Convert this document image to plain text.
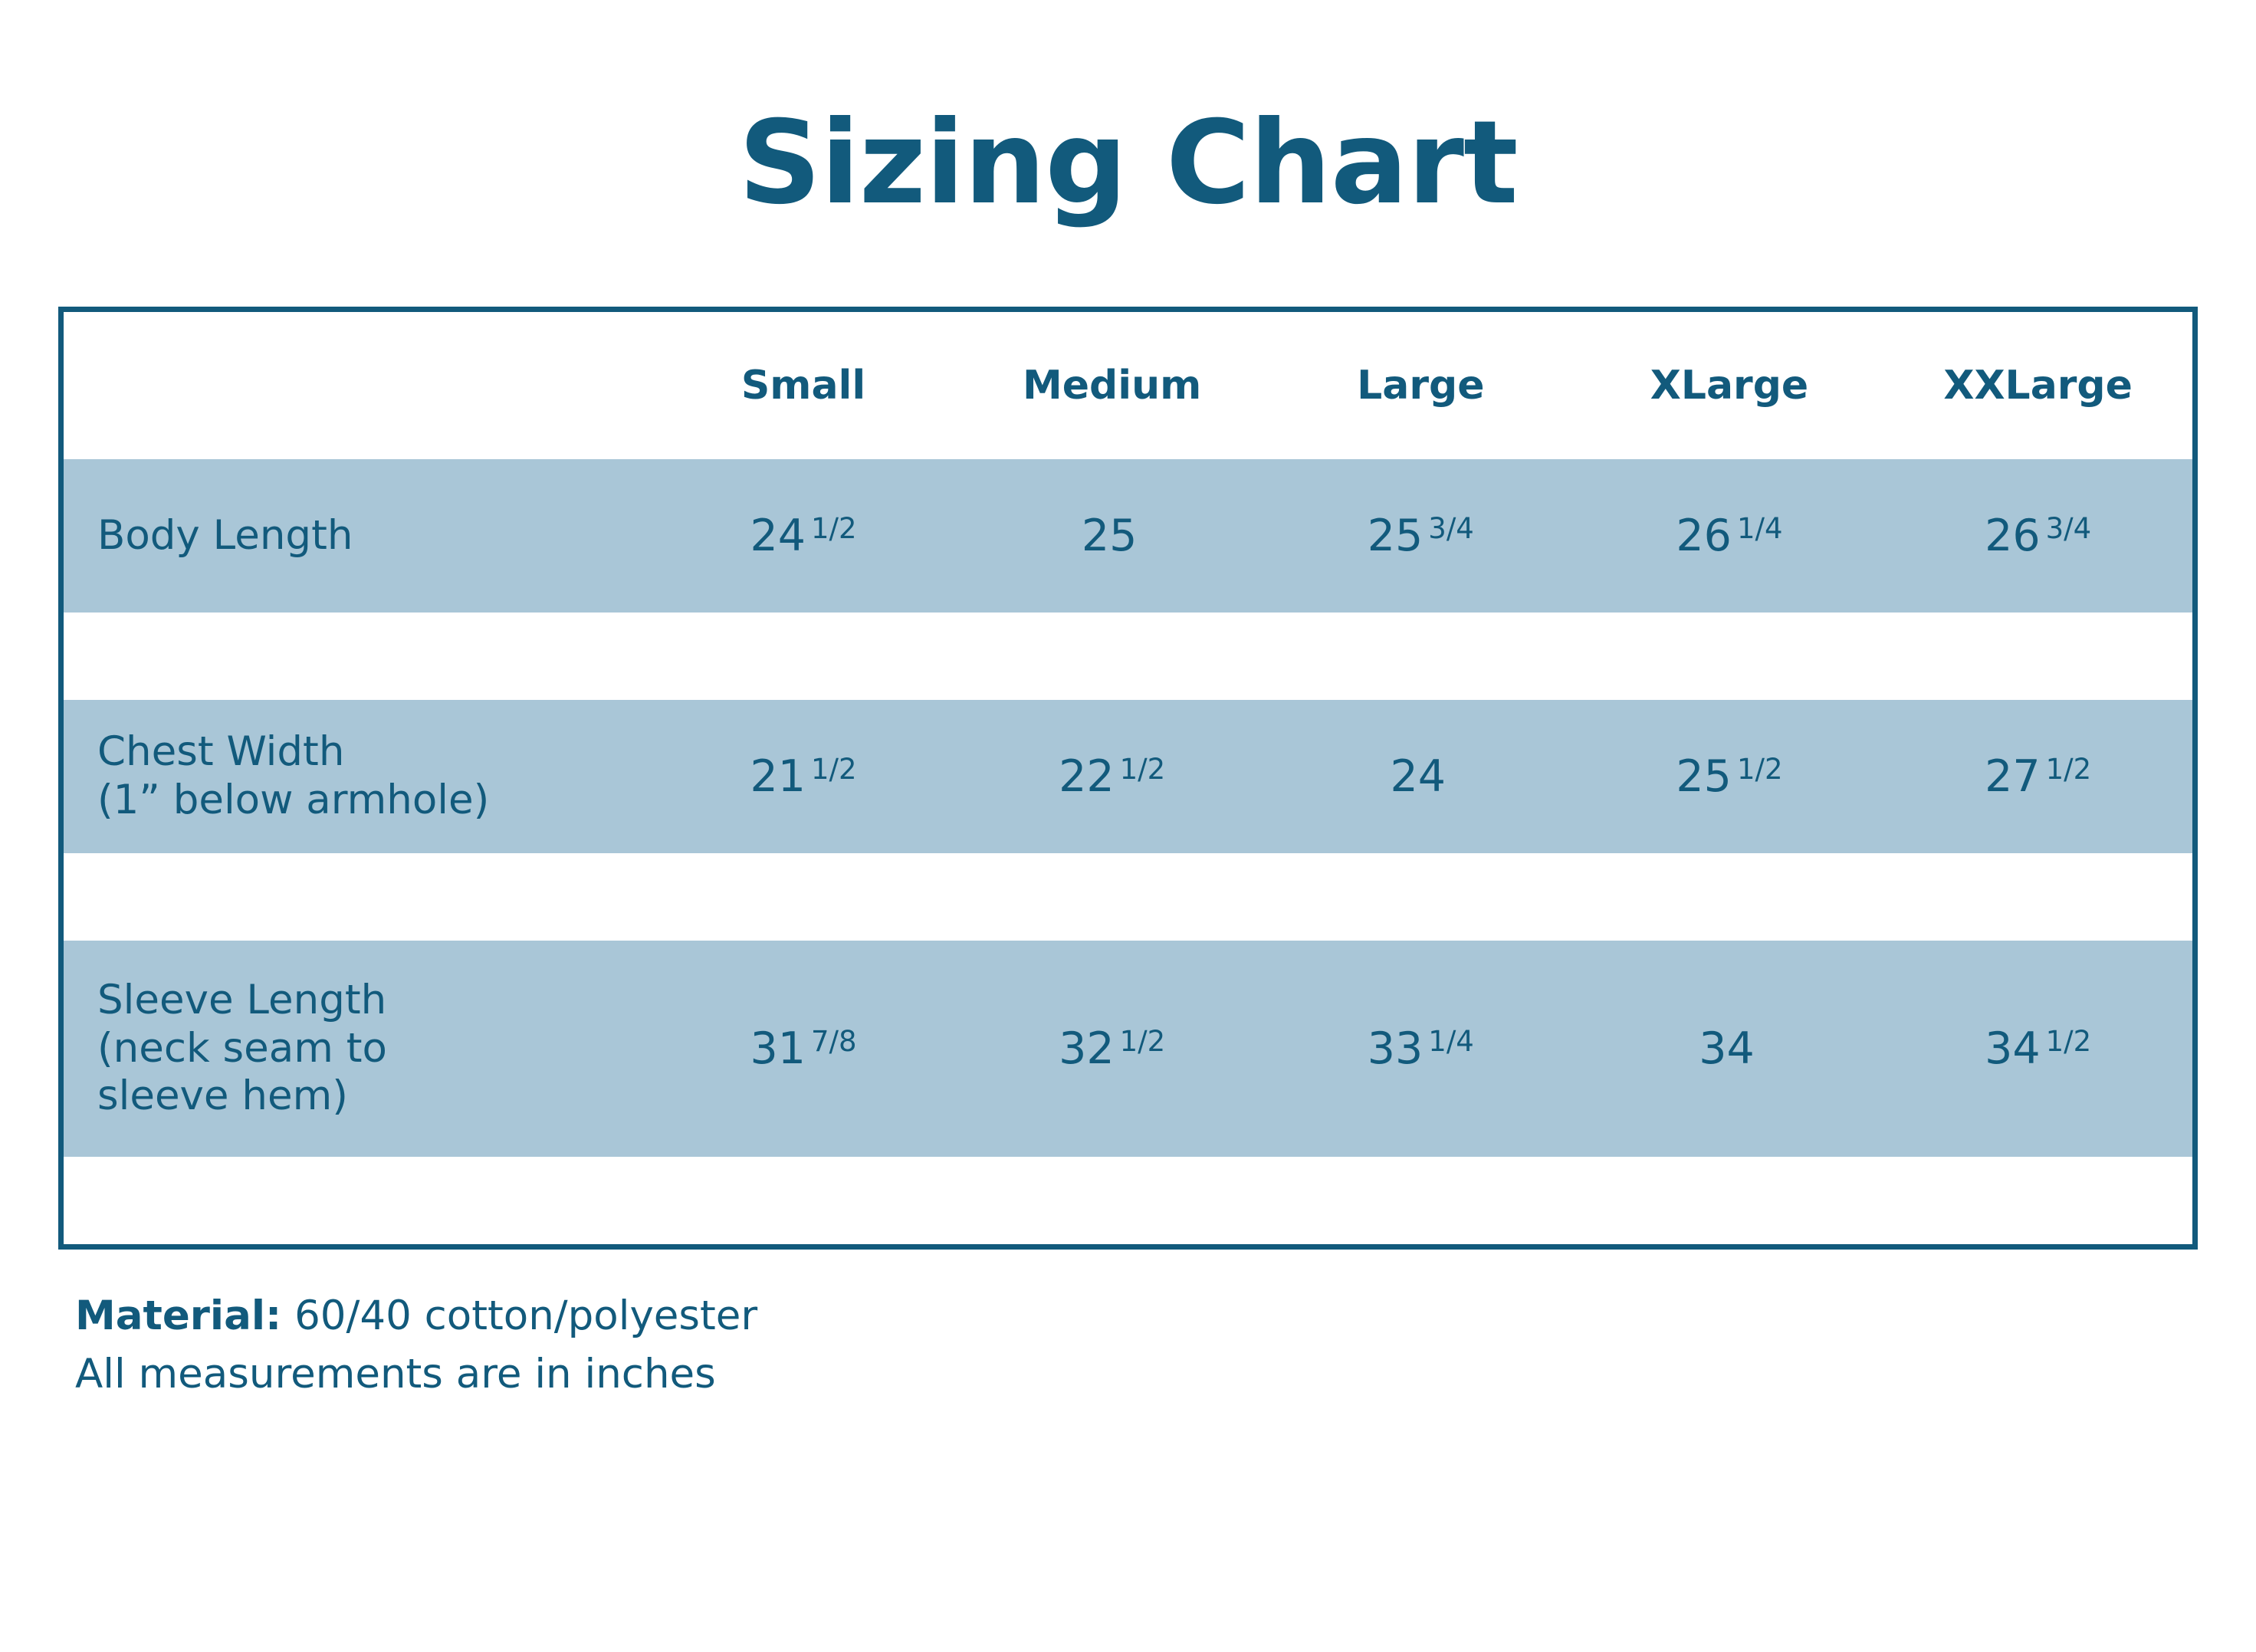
Sizing Chart
	Small	Medium	Large	XLarge	XXLarge
Body Length	24 $^{1/2}$	25	25 $^{3/4}$	26 $^{1/4}$	26 $^{3/4}$

Chest Width
(1” below armhole)	21 $^{1/2}$	22 $^{1/2}$	24	25 $^{1/2}$	27 $^{1/2}$

Sleeve Length
(neck seam to
sleeve hem)	31 $^{7/8}$	32 $^{1/2}$	33 $^{1/4}$	34	34 $^{1/2}$

Material: 60/40 cotton/polyester
All measurements are in inches
